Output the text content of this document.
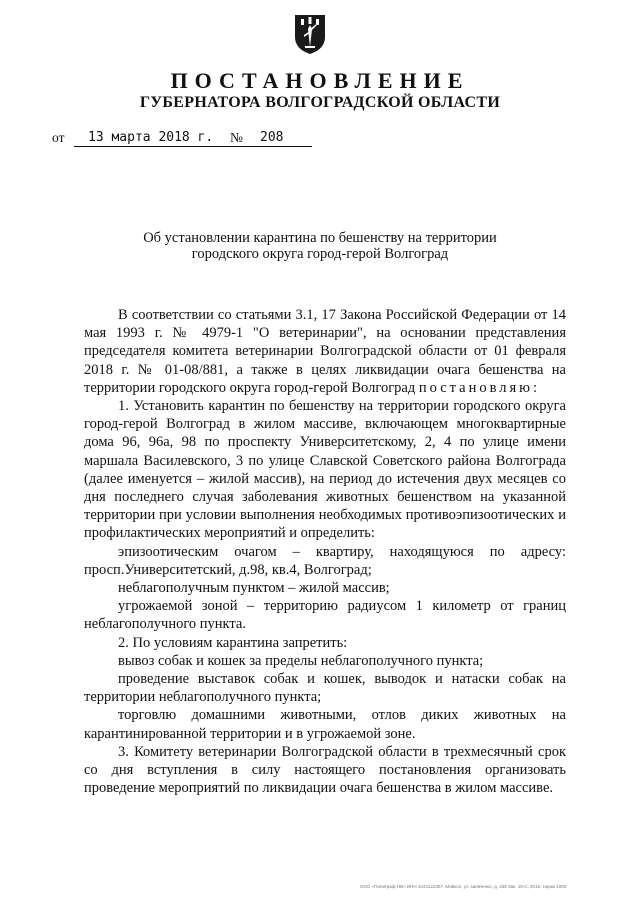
ПОСТАНОВЛЕНИЕ
ГУБЕРНАТОРА ВОЛГОГРАДСКОЙ ОБЛАСТИ
от	13 марта 2018 г.	№	208
Об установлении карантина по бешенству на территории
городского округа город-герой Волгоград

В соответствии со статьями 3.1, 17 Закона Российской Федерации от 14 мая 1993 г. № 4979-1 "О ветеринарии", на основании представления председателя комитета ветеринарии Волгоградской области от 01 февраля 2018 г. № 01-08/881, а также в целях ликвидации очага бешенства на территории городского округа город-герой Волгоград постановляю:

1. Установить карантин по бешенству на территории городского округа город-герой Волгоград в жилом массиве, включающем многоквартирные дома 96, 96а, 98 по проспекту Университетскому, 2, 4 по улице имени маршала Василевского, 3 по улице Славской Советского района Волгограда (далее именуется – жилой массив), на период до истечения двух месяцев со дня последнего случая заболевания животных бешенством на указанной территории при условии выполнения необходимых противоэпизоотических и профилактических мероприятий и определить:

эпизоотическим очагом – квартиру, находящуюся по адресу: просп.Университетский, д.98, кв.4, Волгоград;

неблагополучным пунктом – жилой массив;

угрожаемой зоной – территорию радиусом 1 километр от границ неблагополучного пункта.

2. По условиям карантина запретить:

вывоз собак и кошек за пределы неблагополучного пункта;

проведение выставок собак и кошек, выводок и натаски собак на территории неблагополучного пункта;

торговлю домашними животными, отлов диких животных на карантинированной территории и в угрожаемой зоне.

3. Комитету ветеринарии Волгоградской области в трехмесячный срок со дня вступления в силу настоящего постановления организовать проведение мероприятий по ликвидации очага бешенства в жилом массиве.

ООО «Полиграф-НВ» ИНН 3444122307, Майкоп, ул. Шевченко, д. 268 Зак. 19-С, 2015, тираж 1000
